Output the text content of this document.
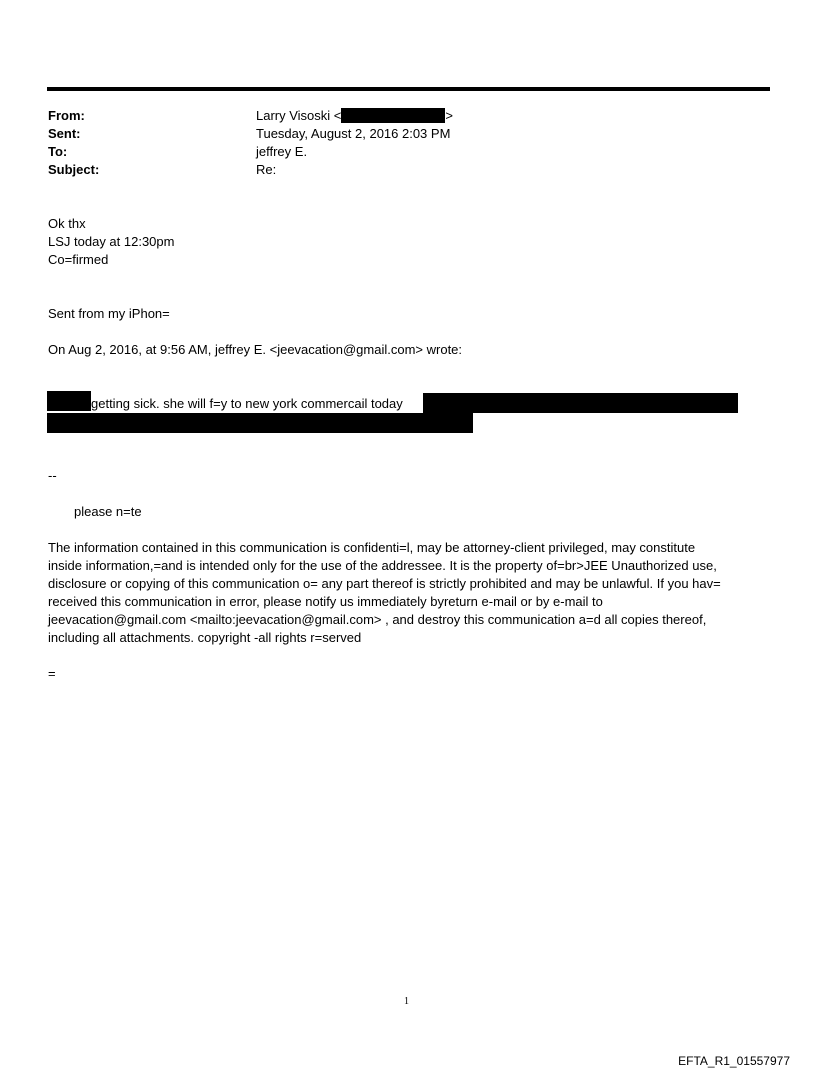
From:	Larry Visoski <	>
Sent:	Tuesday, August 2, 2016 2:03 PM
To:	jeffrey E.
Subject:	Re:
Ok thx
LSJ today at 12:30pm
Co=firmed
Sent from my iPhon=
On Aug 2, 2016, at 9:56 AM, jeffrey E. <jeevacation@gmail.com> wrote:
getting sick. she will f=y to new york commercail today
--
please n=te
The information contained in this communication is confidenti=l, may be attorney-client privileged, may constitute
inside information,=and is intended only for the use of the addressee. It is the property of=br>JEE Unauthorized use,
disclosure or copying of this communication o= any part thereof is strictly prohibited and may be unlawful. If you hav=
received this communication in error, please notify us immediately byreturn e-mail or by e-mail to
jeevacation@gmail.com <mailto:jeevacation@gmail.com> , and destroy this communication a=d all copies thereof,
including all attachments. copyright -all rights r=served
=
1
EFTA_R1_01557977
